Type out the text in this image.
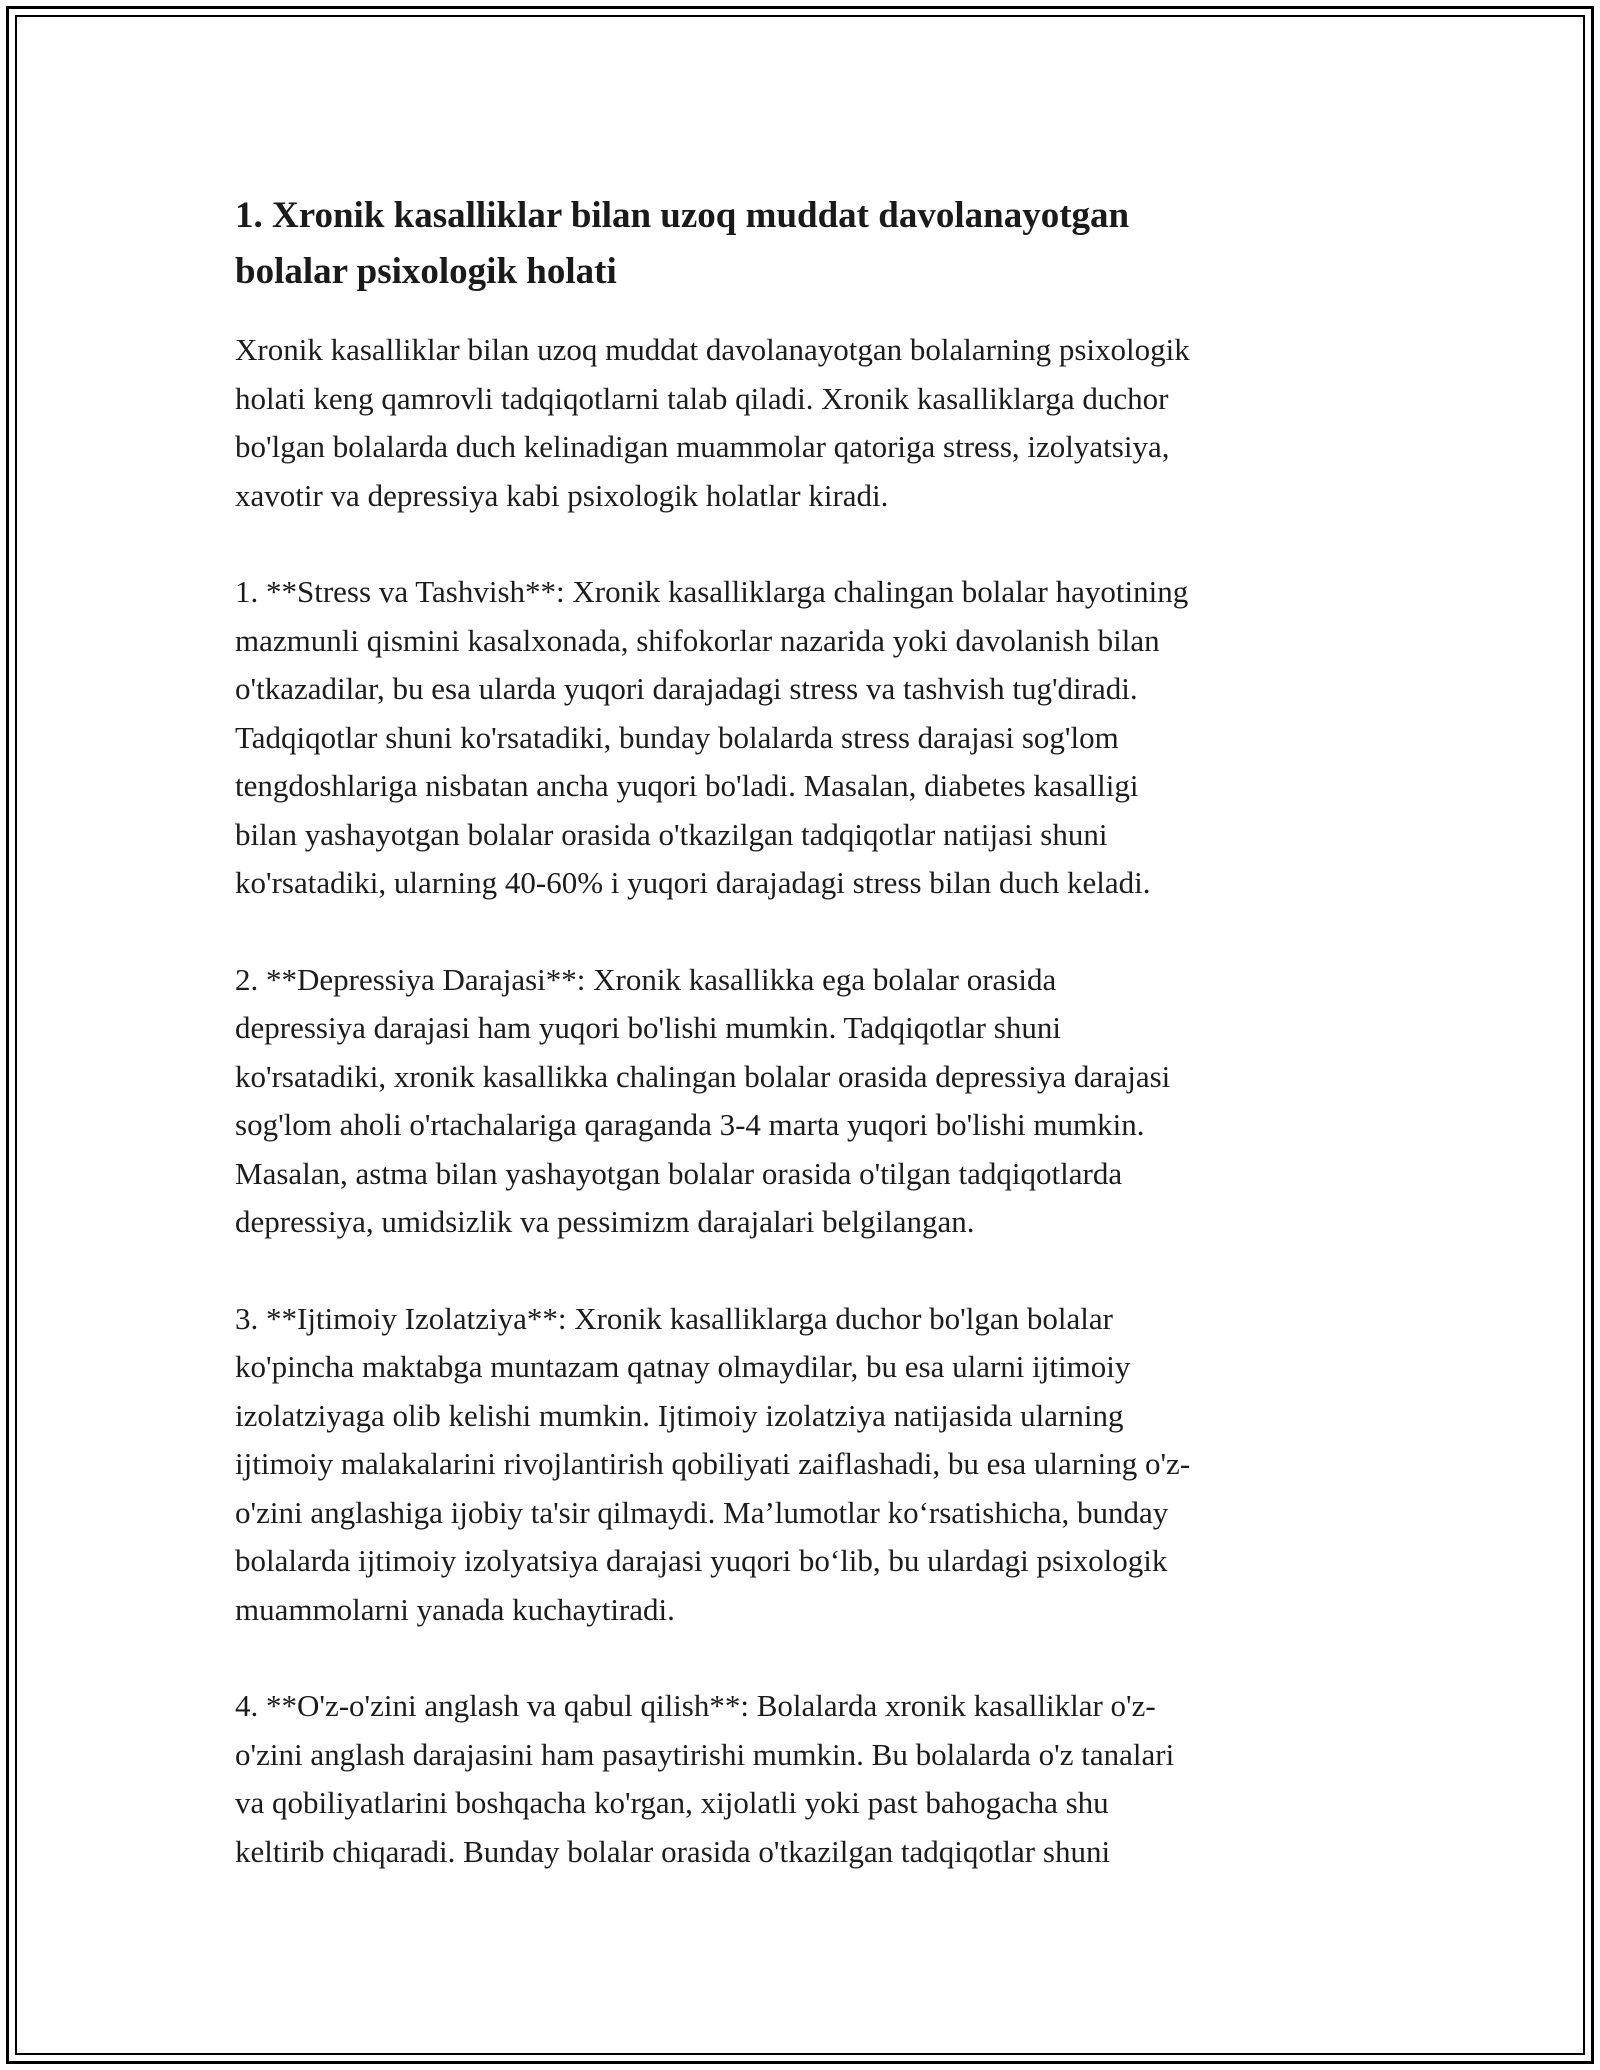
1. Xronik kasalliklar bilan uzoq muddat davolanayotgan
bolalar psixologik holati

Xronik kasalliklar bilan uzoq muddat davolanayotgan bolalarning psixologik
holati keng qamrovli tadqiqotlarni talab qiladi. Xronik kasalliklarga duchor
bo'lgan bolalarda duch kelinadigan muammolar qatoriga stress, izolyatsiya,
xavotir va depressiya kabi psixologik holatlar kiradi.

1. **Stress va Tashvish**: Xronik kasalliklarga chalingan bolalar hayotining
mazmunli qismini kasalxonada, shifokorlar nazarida yoki davolanish bilan
o'tkazadilar, bu esa ularda yuqori darajadagi stress va tashvish tug'diradi.
Tadqiqotlar shuni ko'rsatadiki, bunday bolalarda stress darajasi sog'lom
tengdoshlariga nisbatan ancha yuqori bo'ladi. Masalan, diabetes kasalligi
bilan yashayotgan bolalar orasida o'tkazilgan tadqiqotlar natijasi shuni
ko'rsatadiki, ularning 40-60% i yuqori darajadagi stress bilan duch keladi.

2. **Depressiya Darajasi**: Xronik kasallikka ega bolalar orasida
depressiya darajasi ham yuqori bo'lishi mumkin. Tadqiqotlar shuni
ko'rsatadiki, xronik kasallikka chalingan bolalar orasida depressiya darajasi
sog'lom aholi o'rtachalariga qaraganda 3-4 marta yuqori bo'lishi mumkin.
Masalan, astma bilan yashayotgan bolalar orasida o'tilgan tadqiqotlarda
depressiya, umidsizlik va pessimizm darajalari belgilangan.

3. **Ijtimoiy Izolatziya**: Xronik kasalliklarga duchor bo'lgan bolalar
ko'pincha maktabga muntazam qatnay olmaydilar, bu esa ularni ijtimoiy
izolatziyaga olib kelishi mumkin. Ijtimoiy izolatziya natijasida ularning
ijtimoiy malakalarini rivojlantirish qobiliyati zaiflashadi, bu esa ularning o'z-
o'zini anglashiga ijobiy ta'sir qilmaydi. Ma’lumotlar ko‘rsatishicha, bunday
bolalarda ijtimoiy izolyatsiya darajasi yuqori bo‘lib, bu ulardagi psixologik
muammolarni yanada kuchaytiradi.

4. **O'z-o'zini anglash va qabul qilish**: Bolalarda xronik kasalliklar o'z-
o'zini anglash darajasini ham pasaytirishi mumkin. Bu bolalarda o'z tanalari
va qobiliyatlarini boshqacha ko'rgan, xijolatli yoki past bahogacha shu
keltirib chiqaradi. Bunday bolalar orasida o'tkazilgan tadqiqotlar shuni
